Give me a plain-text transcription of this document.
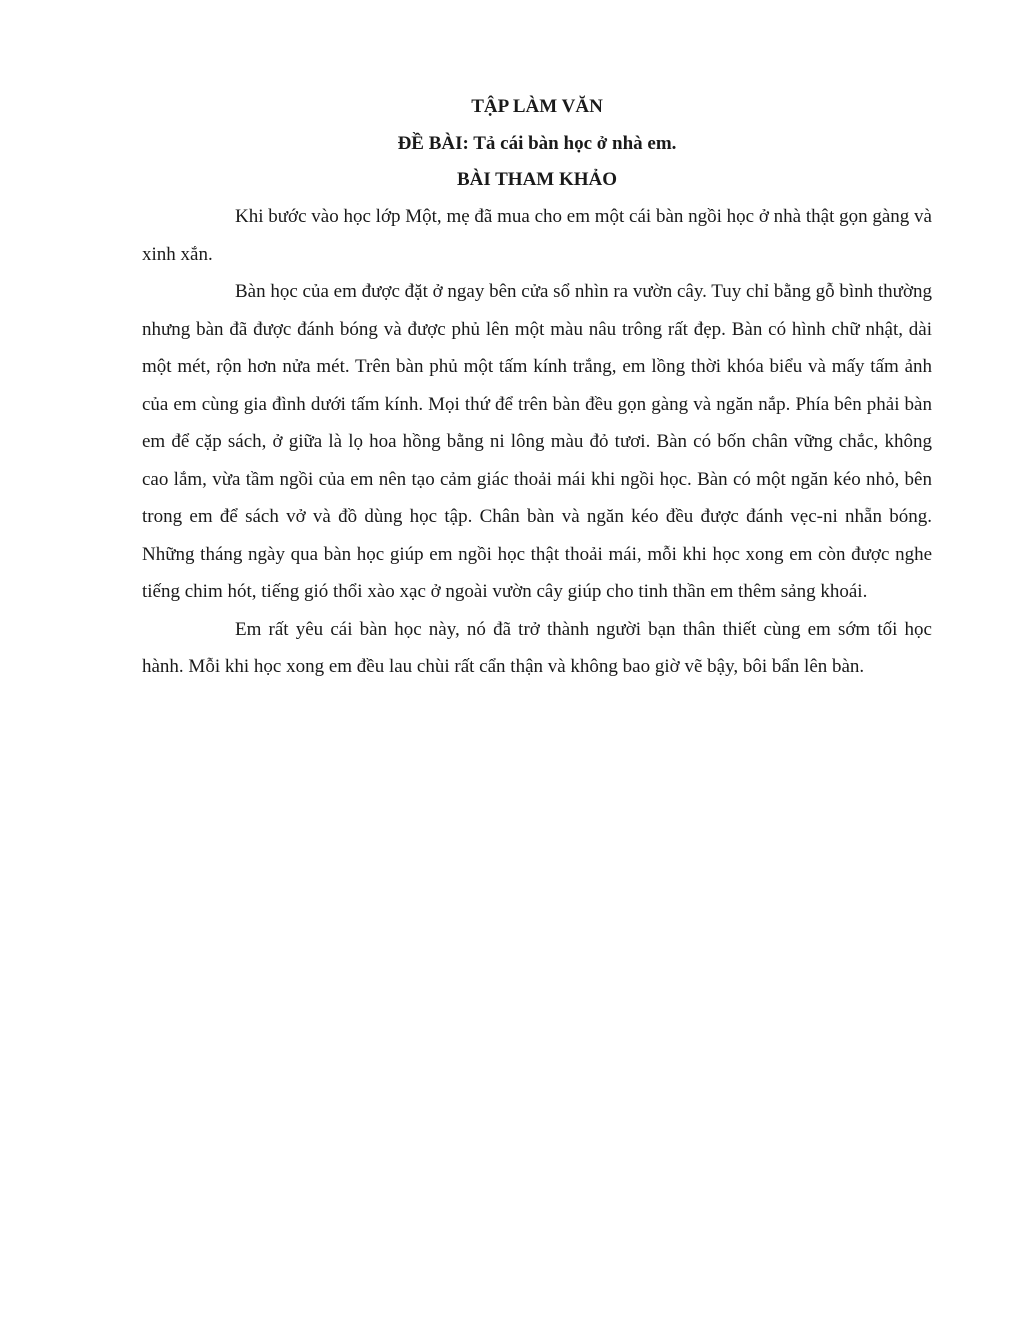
TẬP LÀM VĂN

ĐỀ BÀI: Tả cái bàn học ở nhà em.

BÀI THAM KHẢO

Khi bước vào học lớp Một, mẹ đã mua cho em một cái bàn ngồi học ở nhà thật gọn gàng và xinh xắn.

Bàn học của em được đặt ở ngay bên cửa sổ nhìn ra vườn cây. Tuy chỉ bằng gỗ bình thường nhưng bàn đã được đánh bóng và được phủ lên một màu nâu trông rất đẹp. Bàn có hình chữ nhật, dài một mét, rộn hơn nửa mét. Trên bàn phủ một tấm kính trắng, em lồng thời khóa biểu và mấy tấm ảnh của em cùng gia đình dưới tấm kính. Mọi thứ để trên bàn đều gọn gàng và ngăn nắp. Phía bên phải bàn em để cặp sách, ở giữa là lọ hoa hồng bằng ni lông màu đỏ tươi. Bàn có bốn chân vững chắc, không cao lắm, vừa tầm ngồi của em nên tạo cảm giác thoải mái khi ngồi học. Bàn có một ngăn kéo nhỏ, bên trong em để sách vở và đồ dùng học tập. Chân bàn và ngăn kéo đều được đánh vẹc-ni nhẵn bóng. Những tháng ngày qua bàn học giúp em ngồi học thật thoải mái, mỗi khi học xong em còn được nghe tiếng chim hót, tiếng gió thổi xào xạc ở ngoài vườn cây giúp cho tinh thần em thêm sảng khoái.

Em rất yêu cái bàn học này, nó đã trở thành người bạn thân thiết cùng em sớm tối học hành. Mỗi khi học xong em đều lau chùi rất cẩn thận và không bao giờ vẽ bậy, bôi bẩn lên bàn.
